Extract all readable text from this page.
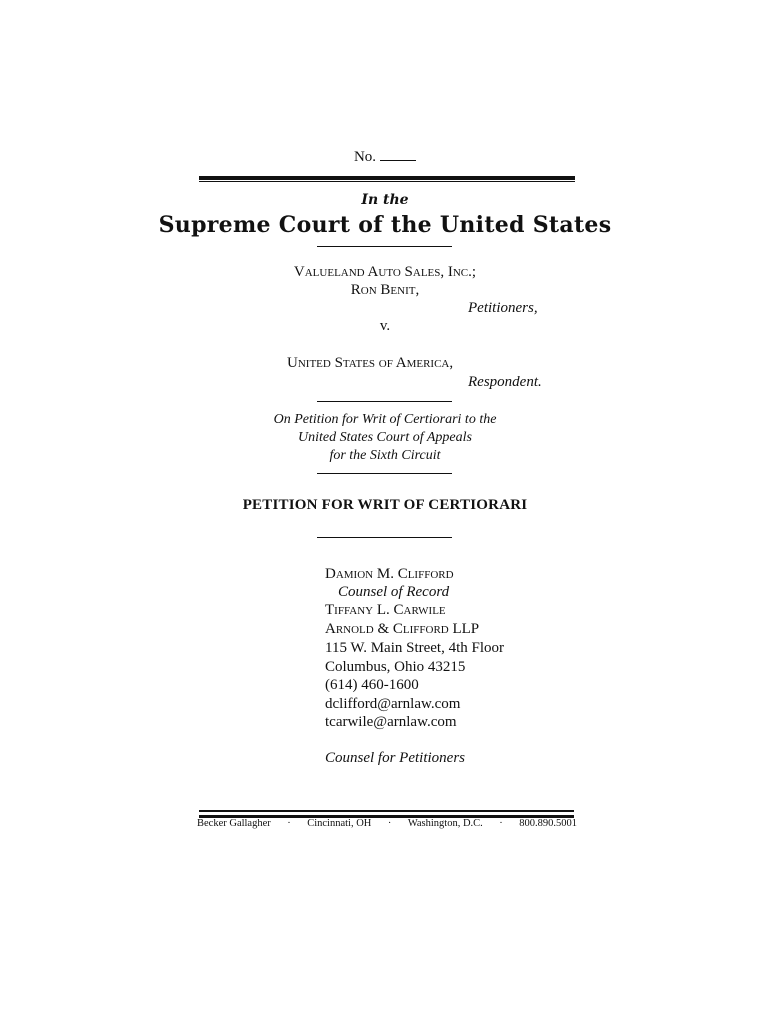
No.
In the
Supreme Court of the United States
Valueland Auto Sales, Inc.;
Ron Benit,
Petitioners,
v.
United States of America,
Respondent.
On Petition for Writ of Certiorari to the
United States Court of Appeals
for the Sixth Circuit
PETITION FOR WRIT OF CERTIORARI
Damion M. Clifford
Counsel of Record
Tiffany L. Carwile
Arnold & Clifford LLP
115 W. Main Street, 4th Floor
Columbus, Ohio 43215
(614) 460-1600
dclifford@arnlaw.com
tcarwile@arnlaw.com
Counsel for Petitioners
Becker Gallagher · Cincinnati, OH · Washington, D.C. · 800.890.5001
